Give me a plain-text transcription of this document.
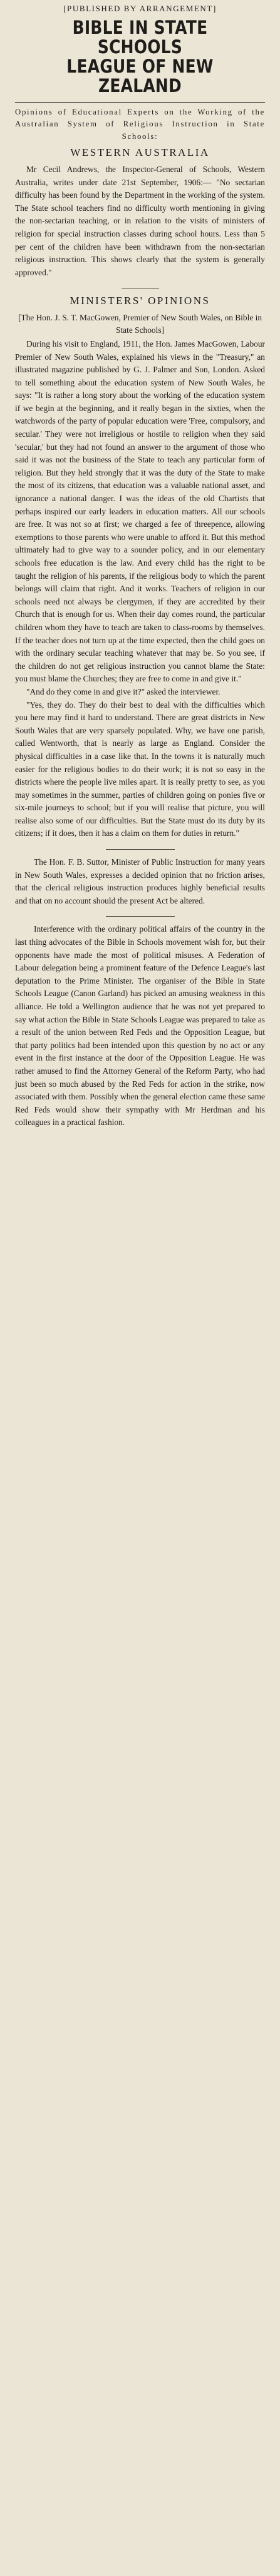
[PUBLISHED BY ARRANGEMENT]
BIBLE IN STATE SCHOOLS
LEAGUE OF NEW ZEALAND
Opinions of Educational Experts on the Working of the Australian System of Religious Instruction in State Schools:
WESTERN AUSTRALIA

Mr Cecil Andrews, the Inspector-General of Schools, Western Australia, writes under date 21st September, 1906:— "No sectarian difficulty has been found by the Department in the working of the system. The State school teachers find no difficulty worth mentioning in giving the non-sectarian teaching, or in relation to the visits of ministers of religion for special instruction classes during school hours. Less than 5 per cent of the children have been withdrawn from the non-sectarian religious instruction. This shows clearly that the system is generally approved."

MINISTERS' OPINIONS
[The Hon. J. S. T. MacGowen, Premier of New South Wales, on Bible in State Schools]

During his visit to England, 1911, the Hon. James MacGowen, Labour Premier of New South Wales, explained his views in the "Treasury," an illustrated magazine published by G. J. Palmer and Son, London. Asked to tell something about the education system of New South Wales, he says: "It is rather a long story about the working of the education system if we begin at the beginning, and it really began in the sixties, when the watchwords of the party of popular education were 'Free, compulsory, and secular.' They were not irreligious or hostile to religion when they said 'secular,' but they had not found an answer to the argument of those who said it was not the business of the State to teach any particular form of religion. But they held strongly that it was the duty of the State to make the most of its citizens, that education was a valuable national asset, and ignorance a national danger. I was the ideas of the old Chartists that perhaps inspired our early leaders in education matters. All our schools are free. It was not so at first; we charged a fee of threepence, allowing exemptions to those parents who were unable to afford it. But this method ultimately had to give way to a sounder policy, and in our elementary schools free education is the law. And every child has the right to be taught the religion of his parents, if the religious body to which the parent belongs will claim that right. And it works. Teachers of religion in our schools need not always be clergymen, if they are accredited by their Church that is enough for us. When their day comes round, the particular children whom they have to teach are taken to class-rooms by themselves. If the teacher does not turn up at the time expected, then the child goes on with the ordinary secular teaching whatever that may be. So you see, if the children do not get religious instruction you cannot blame the State: you must blame the Churches; they are free to come in and give it."

"And do they come in and give it?" asked the interviewer.

"Yes, they do. They do their best to deal with the difficulties which you here may find it hard to understand. There are great districts in New South Wales that are very sparsely populated. Why, we have one parish, called Wentworth, that is nearly as large as England. Consider the physical difficulties in a case like that. In the towns it is naturally much easier for the religious bodies to do their work; it is not so easy in the districts where the people live miles apart. It is really pretty to see, as you may sometimes in the summer, parties of children going on ponies five or six-mile journeys to school; but if you will realise that picture, you will realise also some of our difficulties. But the State must do its duty by its citizens; if it does, then it has a claim on them for duties in return."

The Hon. F. B. Suttor, Minister of Public Instruction for many years in New South Wales, expresses a decided opinion that no friction arises, that the clerical religious instruction produces highly beneficial results and that on no account should the present Act be altered.

Interference with the ordinary political affairs of the country in the last thing advocates of the Bible in Schools movement wish for, but their opponents have made the most of political misuses. A Federation of Labour delegation being a prominent feature of the Defence League's last deputation to the Prime Minister. The organiser of the Bible in State Schools League (Canon Garland) has picked an amusing weakness in this alliance. He told a Wellington audience that he was not yet prepared to say what action the Bible in State Schools League was prepared to take as a result of the union between Red Feds and the Opposition League, but that party politics had been intended upon this question by no act or any event in the first instance at the door of the Opposition League. He was rather amused to find the Attorney General of the Reform Party, who had just been so much abused by the Red Feds for action in the strike, now associated with them. Possibly when the general election came these same Red Feds would show their sympathy with Mr Herdman and his colleagues in a practical fashion.
